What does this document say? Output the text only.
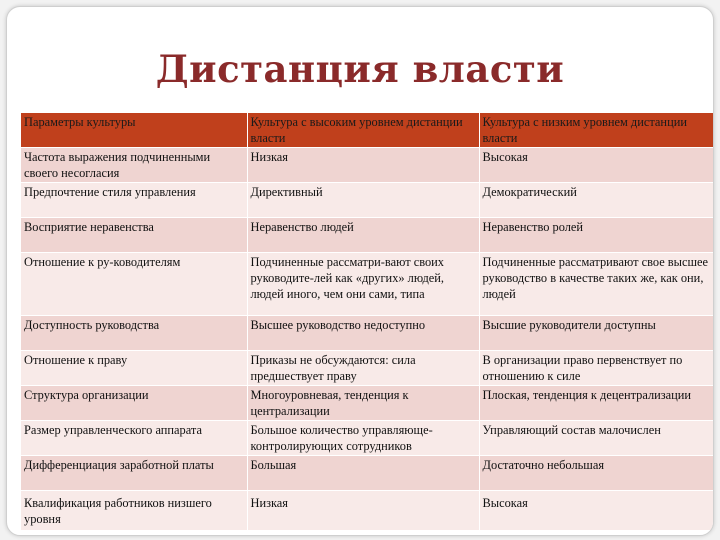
Дистанция власти
Параметры культуры	Культура с высоким уровнем дистанции власти	Культура с низким уровнем дистанции власти
Частота выражения подчиненными своего несогласия	Низкая	Высокая
Предпочтение стиля управления	Директивный	Демократический
Восприятие неравенства	Неравенство людей	Неравенство ролей
Отношение к ру-ководителям	Подчиненные рассматри-вают своих руководите-лей как «других» людей, людей иного, чем они сами, типа	Подчиненные рассматривают свое высшее руководство в качестве таких же, как они, людей
Доступность руководства	Высшее руководство недоступно	Высшие руководители доступны
Отношение к праву	Приказы не обсуждаются: сила предшествует праву	В организации право первенствует по отношению к силе
Структура организации	Многоуровневая, тенденция к централизации	Плоская, тенденция к децентрализации
Размер управленческого аппарата	Большое количество управляюще-контролирующих сотрудников	Управляющий состав малочислен
Дифференциация заработной платы	Большая	Достаточно небольшая
Квалификация работников низшего уровня	Низкая	Высокая
